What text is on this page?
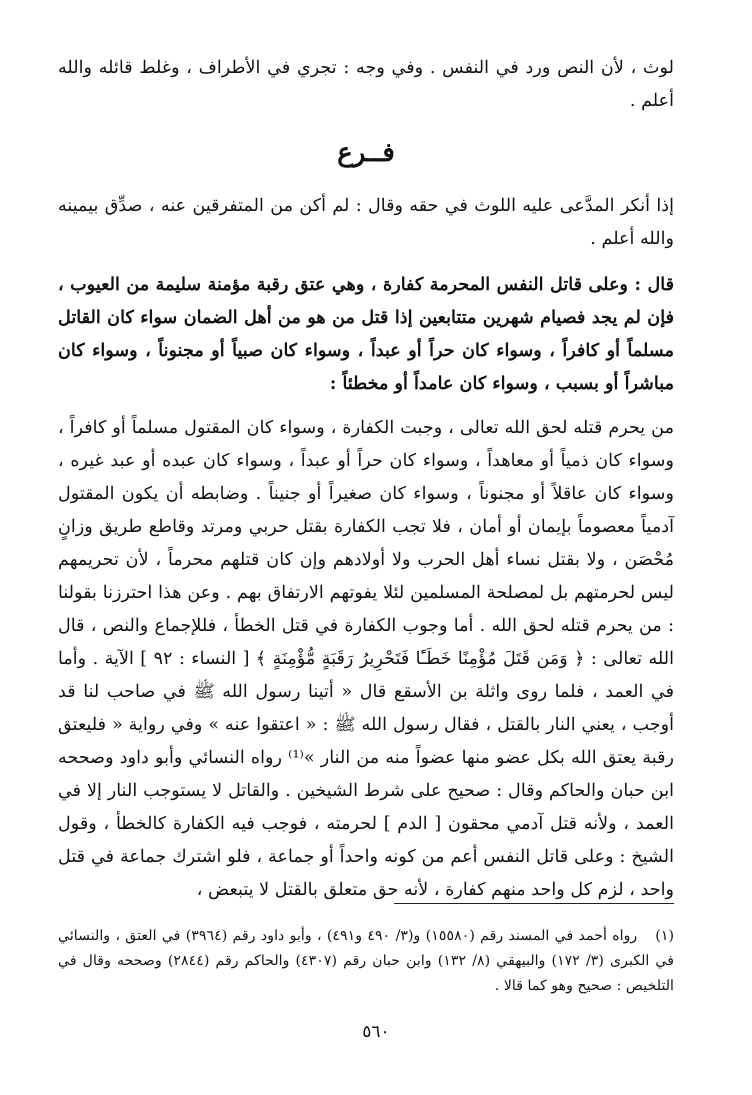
لوث ، لأن النص ورد في النفس . وفي وجه : تجري في الأطراف ، وغلط قائله والله أعلم .

فــرع

إذا أنكر المدَّعى عليه اللوث في حقه وقال : لم أكن من المتفرقين عنه ، صدِّق بيمينه والله أعلم .

قال : وعلى قاتل النفس المحرمة كفارة ، وهي عتق رقبة مؤمنة سليمة من العيوب ، فإن لم يجد فصيام شهرين متتابعين إذا قتل من هو من أهل الضمان سواء كان القاتل مسلماً أو كافراً ، وسواء كان حراً أو عبداً ، وسواء كان صبياً أو مجنوناً ، وسواء كان مباشراً أو بسبب ، وسواء كان عامداً أو مخطئاً :

من يحرم قتله لحق الله تعالى ، وجبت الكفارة ، وسواء كان المقتول مسلماً أو كافراً ، وسواء كان ذمياً أو معاهداً ، وسواء كان حراً أو عبداً ، وسواء كان عبده أو عبد غيره ، وسواء كان عاقلاً أو مجنوناً ، وسواء كان صغيراً أو جنيناً . وضابطه أن يكون المقتول آدمياً معصوماً بإيمان أو أمان ، فلا تجب الكفارة بقتل حربي ومرتد وقاطع طريق وزانٍ مُحْصَن ، ولا بقتل نساء أهل الحرب ولا أولادهم وإن كان قتلهم محرماً ، لأن تحريمهم ليس لحرمتهم بل لمصلحة المسلمين لئلا يفوتهم الارتفاق بهم . وعن هذا احترزنا بقولنا : من يحرم قتله لحق الله . أما وجوب الكفارة في قتل الخطأ ، فللإجماع والنص ، قال الله تعالى : ﴿ وَمَن قَتَلَ مُؤْمِنًا خَطَـًٔا فَتَحْرِيرُ رَقَبَةٍ مُّؤْمِنَةٍ ﴾ [ النساء : ٩٢ ] الآية . وأما في العمد ، فلما روى واثلة بن الأسقع قال « أتينا رسول الله ﷺ في صاحب لنا قد أوجب ، يعني النار بالقتل ، فقال رسول الله ﷺ : « اعتقوا عنه » وفي رواية « فليعتق رقبة يعتق الله بكل عضو منها عضواً منه من النار »⁽¹⁾ رواه النسائي وأبو داود وصححه ابن حبان والحاكم وقال : صحيح على شرط الشيخين . والقاتل لا يستوجب النار إلا في العمد ، ولأنه قتل آدمي محقون [ الدم ] لحرمته ، فوجب فيه الكفارة كالخطأ ، وقول الشيخ : وعلى قاتل النفس أعم من كونه واحداً أو جماعة ، فلو اشترك جماعة في قتل واحد ، لزم كل واحد منهم كفارة ، لأنه حق متعلق بالقتل لا يتبعض ،

(١)رواه أحمد في المسند رقم (١٥٥٨٠) و(٣/ ٤٩٠ و٤٩١) ، وأبو داود رقم (٣٩٦٤) في العتق ، والنسائي في الكبرى (٣/ ١٧٢) والبيهقي (٨/ ١٣٢) وابن حبان رقم (٤٣٠٧) والحاكم رقم (٢٨٤٤) وصححه وقال في التلخيص : صحيح وهو كما قالا .
٥٦٠
